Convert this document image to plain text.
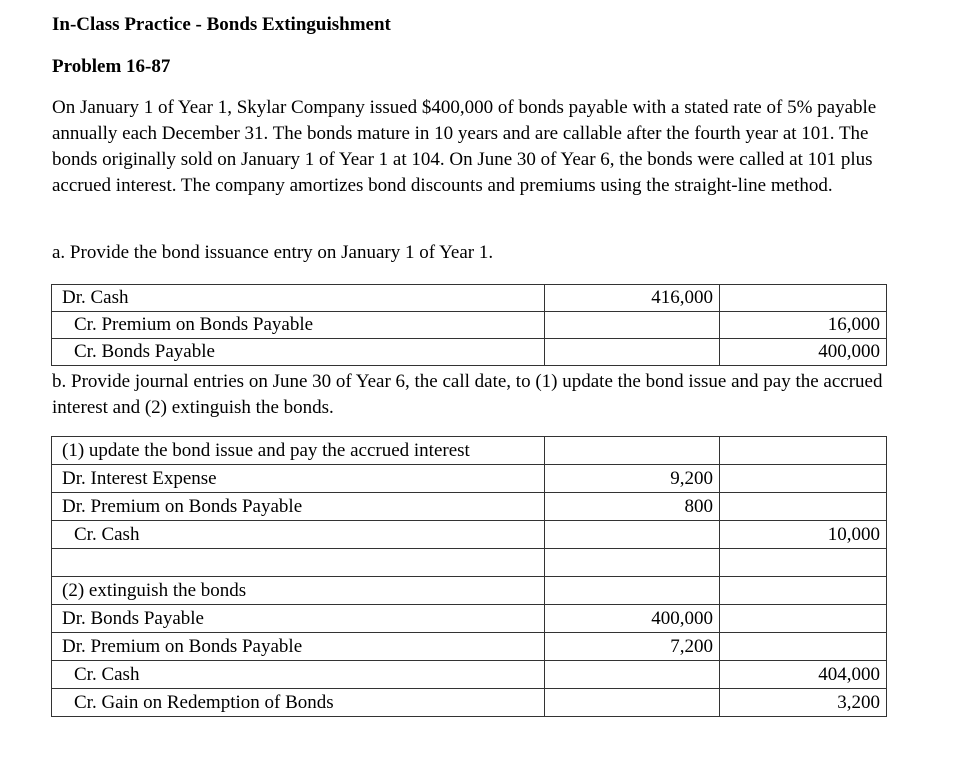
In-Class Practice - Bonds Extinguishment
Problem 16-87
On January 1 of Year 1, Skylar Company issued $400,000 of bonds payable with a stated rate of 5% payable annually each December 31. The bonds mature in 10 years and are callable after the fourth year at 101. The bonds originally sold on January 1 of Year 1 at 104. On June 30 of Year 6, the bonds were called at 101 plus accrued interest. The company amortizes bond discounts and premiums using the straight-line method.
a. Provide the bond issuance entry on January 1 of Year 1.
Dr. Cash	416,000	
Cr. Premium on Bonds Payable		16,000
Cr. Bonds Payable		400,000
b. Provide journal entries on June 30 of Year 6, the call date, to (1) update the bond issue and pay the accrued interest and (2) extinguish the bonds.
(1) update the bond issue and pay the accrued interest		
Dr. Interest Expense	9,200	
Dr. Premium on Bonds Payable	800	
Cr. Cash		10,000

(2) extinguish the bonds		
Dr. Bonds Payable	400,000	
Dr. Premium on Bonds Payable	7,200	
Cr. Cash		404,000
Cr. Gain on Redemption of Bonds		3,200
